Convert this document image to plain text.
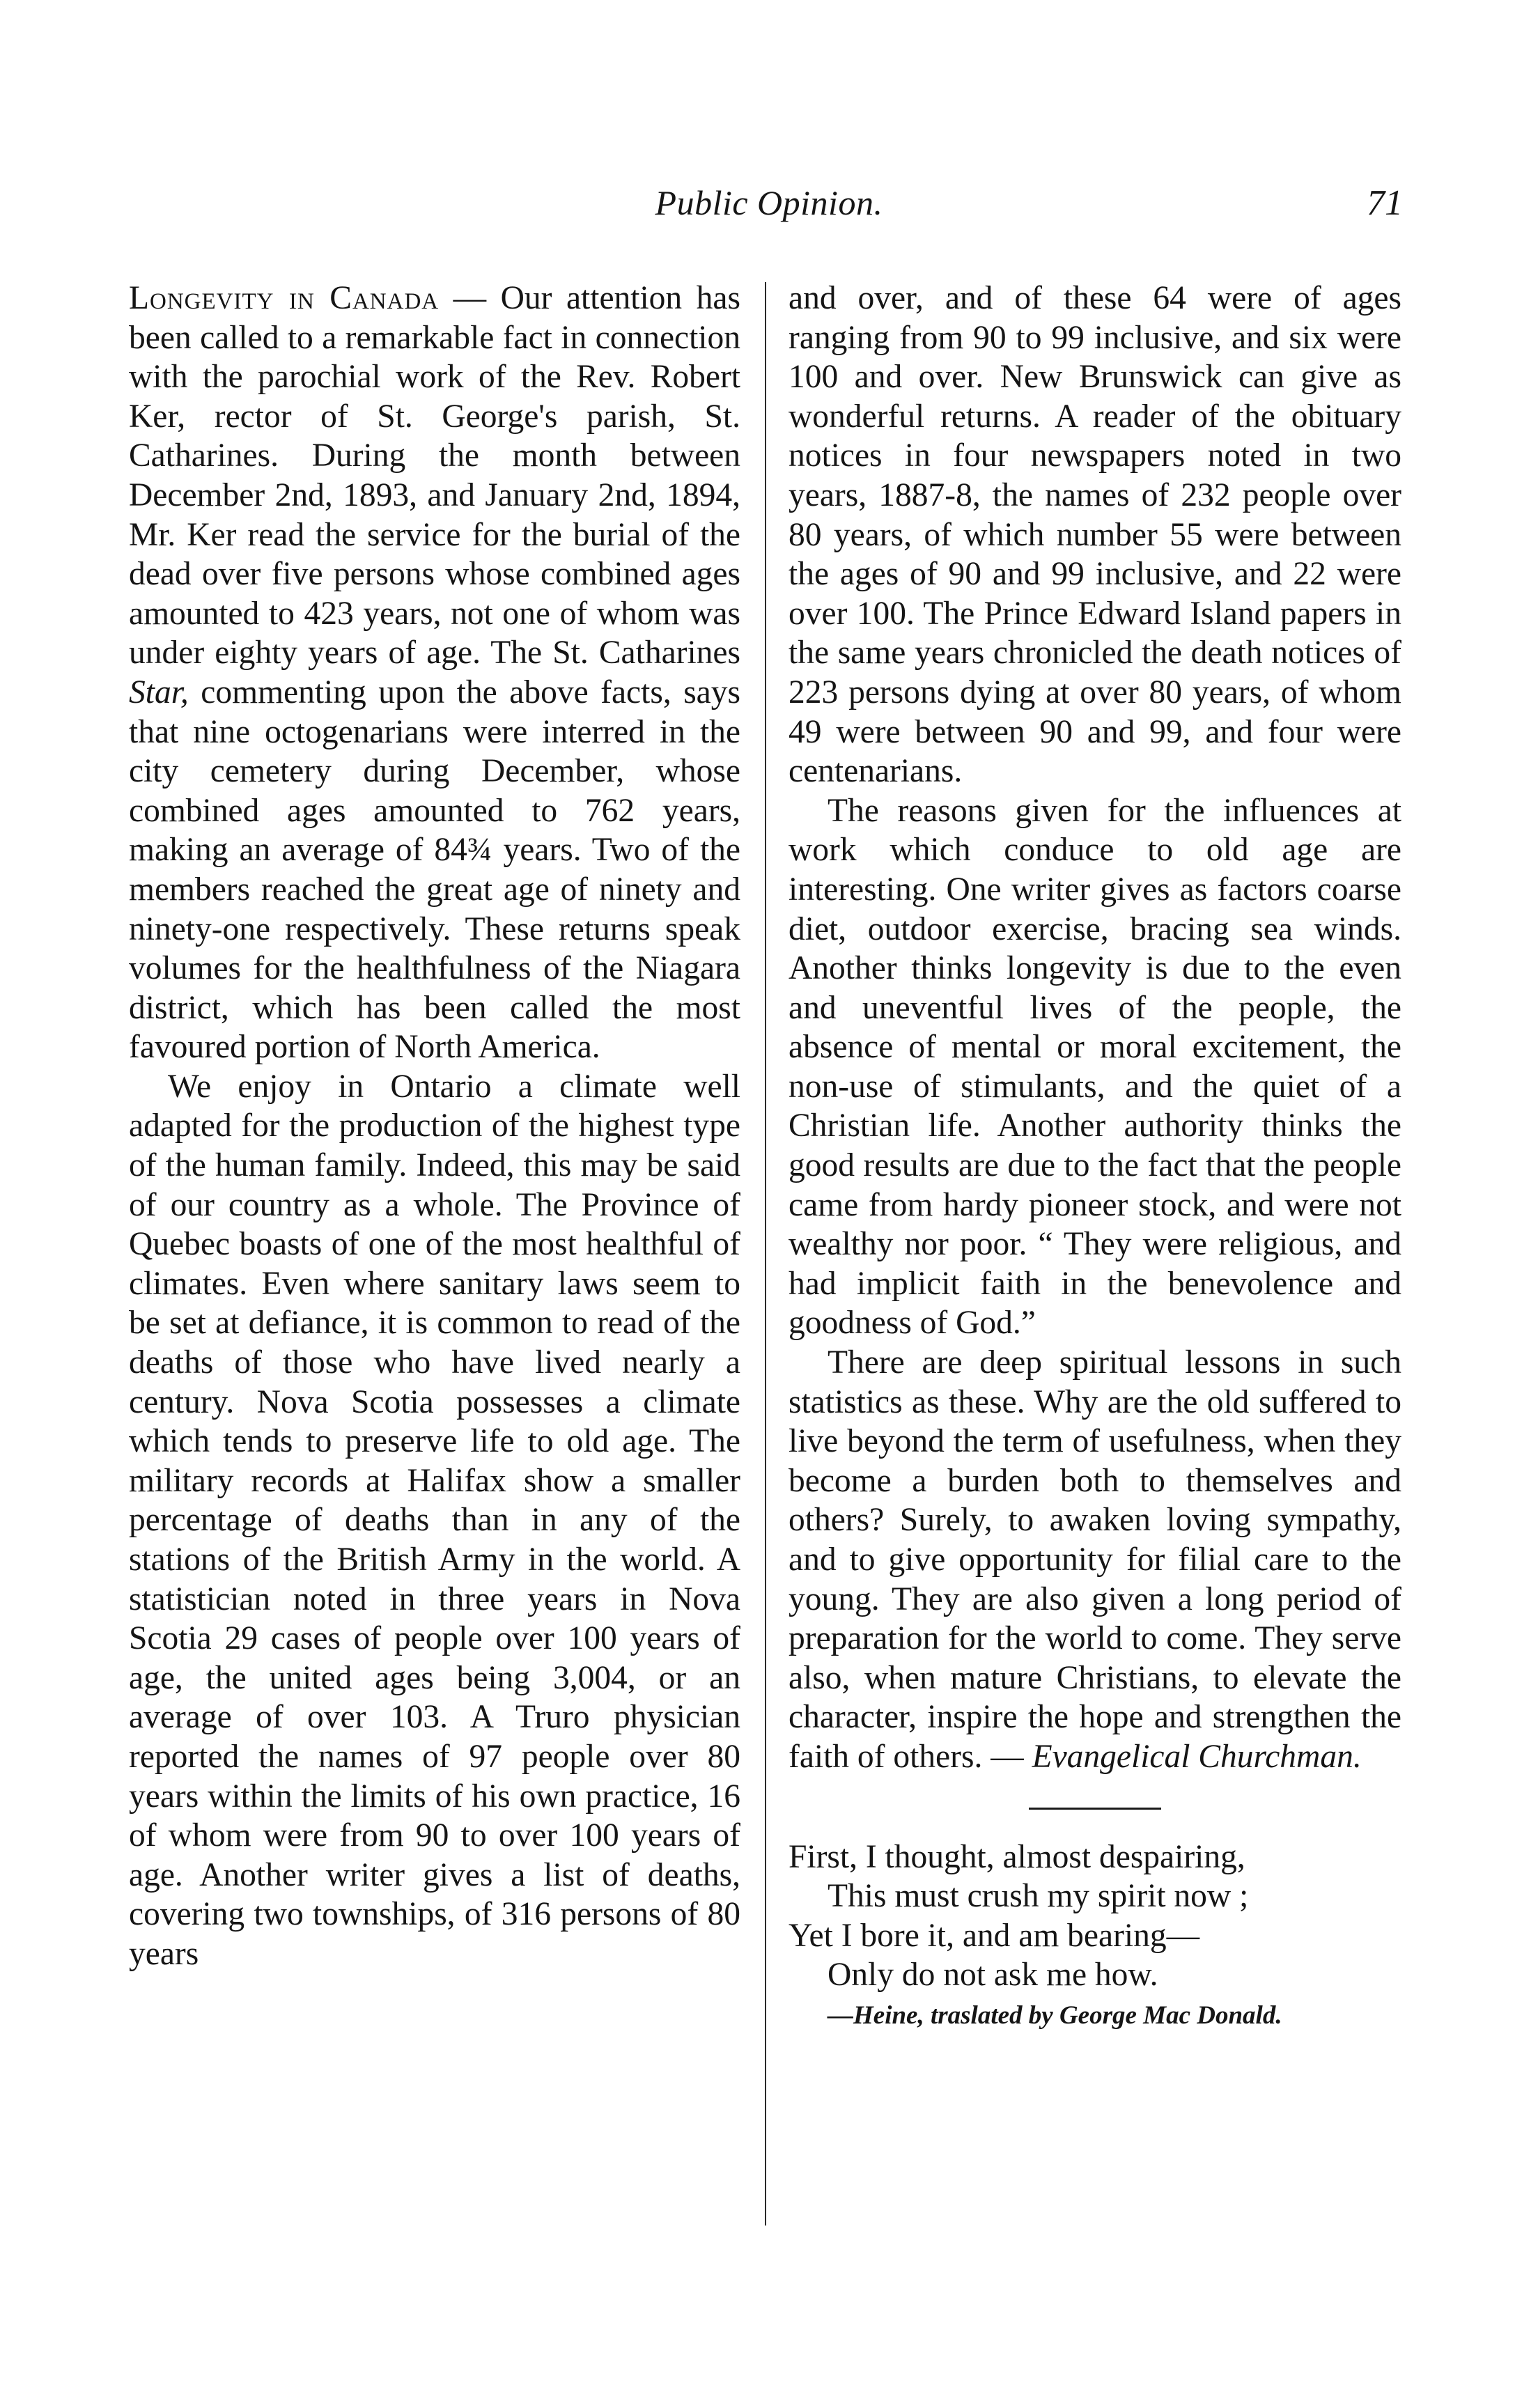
Public Opinion.	71

Longevity in Canada — Our attention has been called to a remarkable fact in connection with the parochial work of the Rev. Robert Ker, rector of St. George's parish, St. Catharines. During the month between December 2nd, 1893, and January 2nd, 1894, Mr. Ker read the service for the burial of the dead over five persons whose combined ages amounted to 423 years, not one of whom was under eighty years of age. The St. Catharines Star, commenting upon the above facts, says that nine octogenarians were interred in the city cemetery during December, whose combined ages amounted to 762 years, making an average of 84¾ years. Two of the members reached the great age of ninety and ninety-one respectively. These returns speak volumes for the healthfulness of the Niagara district, which has been called the most favoured portion of North America.

We enjoy in Ontario a climate well adapted for the production of the highest type of the human family. Indeed, this may be said of our country as a whole. The Province of Quebec boasts of one of the most healthful of climates. Even where sanitary laws seem to be set at defiance, it is common to read of the deaths of those who have lived nearly a century. Nova Scotia possesses a climate which tends to preserve life to old age. The military records at Halifax show a smaller percentage of deaths than in any of the stations of the British Army in the world. A statistician noted in three years in Nova Scotia 29 cases of people over 100 years of age, the united ages being 3,004, or an average of over 103. A Truro physician reported the names of 97 people over 80 years within the limits of his own practice, 16 of whom were from 90 to over 100 years of age. Another writer gives a list of deaths, covering two townships, of 316 persons of 80 years

and over, and of these 64 were of ages ranging from 90 to 99 inclusive, and six were 100 and over. New Brunswick can give as wonderful returns. A reader of the obituary notices in four newspapers noted in two years, 1887-8, the names of 232 people over 80 years, of which number 55 were between the ages of 90 and 99 inclusive, and 22 were over 100. The Prince Edward Island papers in the same years chronicled the death notices of 223 persons dying at over 80 years, of whom 49 were between 90 and 99, and four were centenarians.

The reasons given for the influences at work which conduce to old age are interesting. One writer gives as factors coarse diet, outdoor exercise, bracing sea winds. Another thinks longevity is due to the even and uneventful lives of the people, the absence of mental or moral excitement, the non-use of stimulants, and the quiet of a Christian life. Another authority thinks the good results are due to the fact that the people came from hardy pioneer stock, and were not wealthy nor poor. “ They were religious, and had implicit faith in the benevolence and goodness of God.”

There are deep spiritual lessons in such statistics as these. Why are the old suffered to live beyond the term of usefulness, when they become a burden both to themselves and others? Surely, to awaken loving sympathy, and to give opportunity for filial care to the young. They are also given a long period of preparation for the world to come. They serve also, when mature Christians, to elevate the character, inspire the hope and strengthen the faith of others. — Evangelical Churchman.

First, I thought, almost despairing,
This must crush my spirit now ;
Yet I bore it, and am bearing—
Only do not ask me how.
—Heine, traslated by George Mac Donald.
